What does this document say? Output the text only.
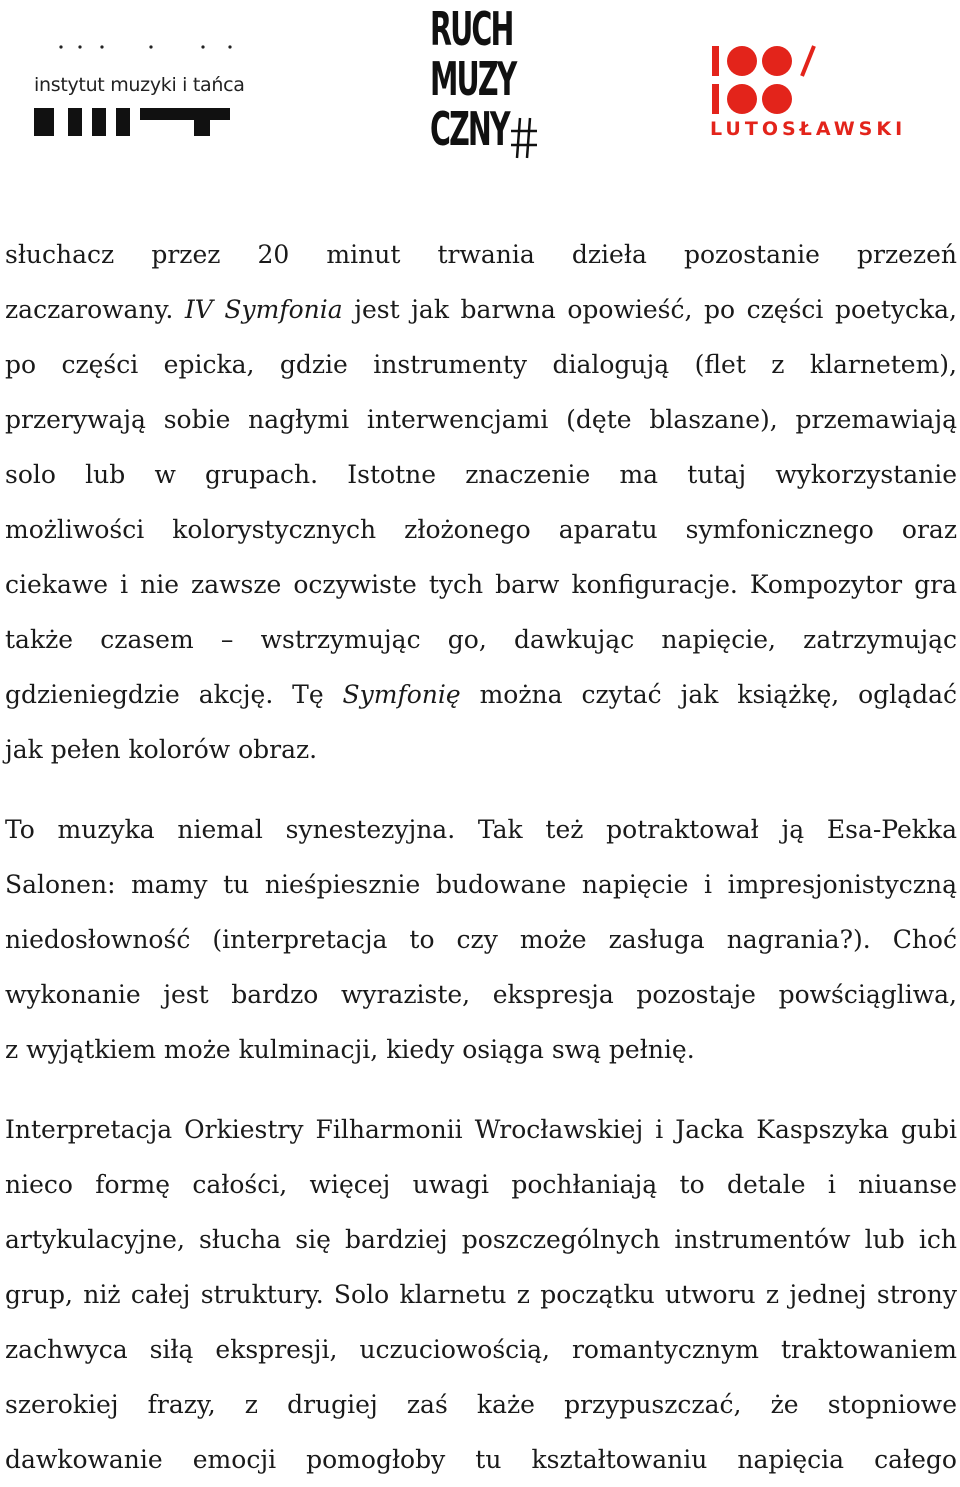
instytut muzyki i tańca
RUCH
MUZY
CZNY	LUTOSŁAWSKI

słuchacz przez 20 minut trwania dzieła pozostanie przezeń
zaczarowany. IV Symfonia jest jak barwna opowieść, po części poetycka,
po części epicka, gdzie instrumenty dialogują (flet z klarnetem),
przerywają sobie nagłymi interwencjami (dęte blaszane), przemawiają
solo lub w grupach. Istotne znaczenie ma tutaj wykorzystanie
możliwości kolorystycznych złożonego aparatu symfonicznego oraz
ciekawe i nie zawsze oczywiste tych barw konfiguracje. Kompozytor gra
także czasem – wstrzymując go, dawkując napięcie, zatrzymując
gdzieniegdzie akcję. Tę Symfonię można czytać jak książkę, oglądać
jak pełen kolorów obraz.

To muzyka niemal synestezyjna. Tak też potraktował ją Esa-Pekka
Salonen: mamy tu nieśpiesznie budowane napięcie i impresjonistyczną
niedosłowność (interpretacja to czy może zasługa nagrania?). Choć
wykonanie jest bardzo wyraziste, ekspresja pozostaje powściągliwa,
z wyjątkiem może kulminacji, kiedy osiąga swą pełnię.

Interpretacja Orkiestry Filharmonii Wrocławskiej i Jacka Kaspszyka gubi
nieco formę całości, więcej uwagi pochłaniają to detale i niuanse
artykulacyjne, słucha się bardziej poszczególnych instrumentów lub ich
grup, niż całej struktury. Solo klarnetu z początku utworu z jednej strony
zachwyca siłą ekspresji, uczuciowością, romantycznym traktowaniem
szerokiej frazy, z drugiej zaś każe przypuszczać, że stopniowe
dawkowanie emocji pomogłoby tu kształtowaniu napięcia całego
